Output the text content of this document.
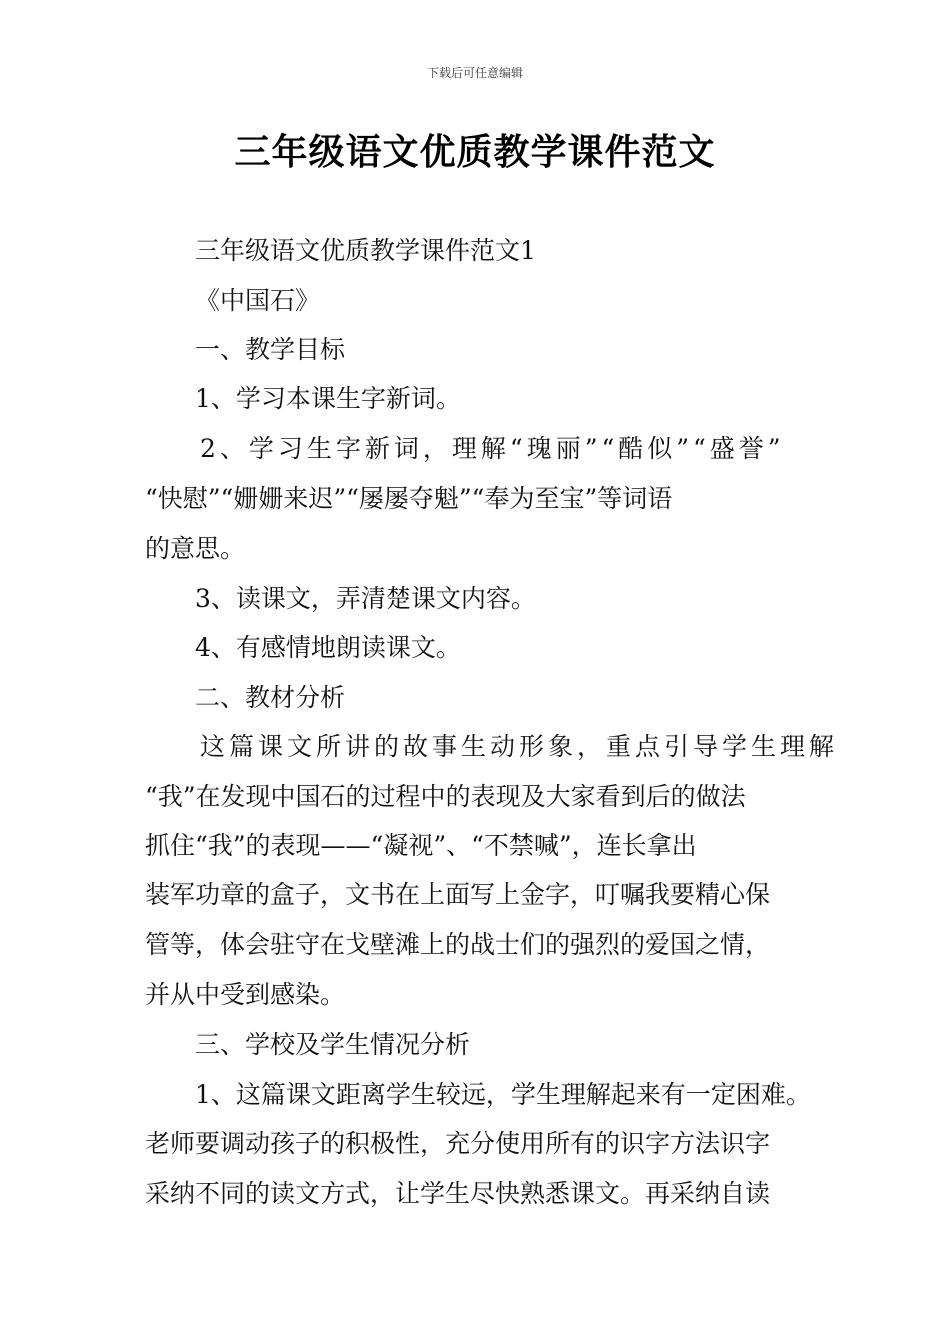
下载后可任意编辑
三年级语文优质教学课件范文
三年级语文优质教学课件范文1
《中国石》
一、教学目标
1、学习本课生字新词。
2、学习生字新词，理解“瑰丽”“酷似”“盛誉”
“快慰”“姗姗来迟”“屡屡夺魁”“奉为至宝”等词语
的意思。
3、读课文，弄清楚课文内容。
4、有感情地朗读课文。
二、教材分析
这篇课文所讲的故事生动形象，重点引导学生理解
“我”在发现中国石的过程中的表现及大家看到后的做法
抓住“我”的表现——“凝视”、“不禁喊”，连长拿出
装军功章的盒子，文书在上面写上金字，叮嘱我要精心保
管等，体会驻守在戈壁滩上的战士们的强烈的爱国之情，
并从中受到感染。
三、学校及学生情况分析
1、这篇课文距离学生较远，学生理解起来有一定困难。
老师要调动孩子的积极性，充分使用所有的识字方法识字
采纳不同的读文方式，让学生尽快熟悉课文。再采纳自读
